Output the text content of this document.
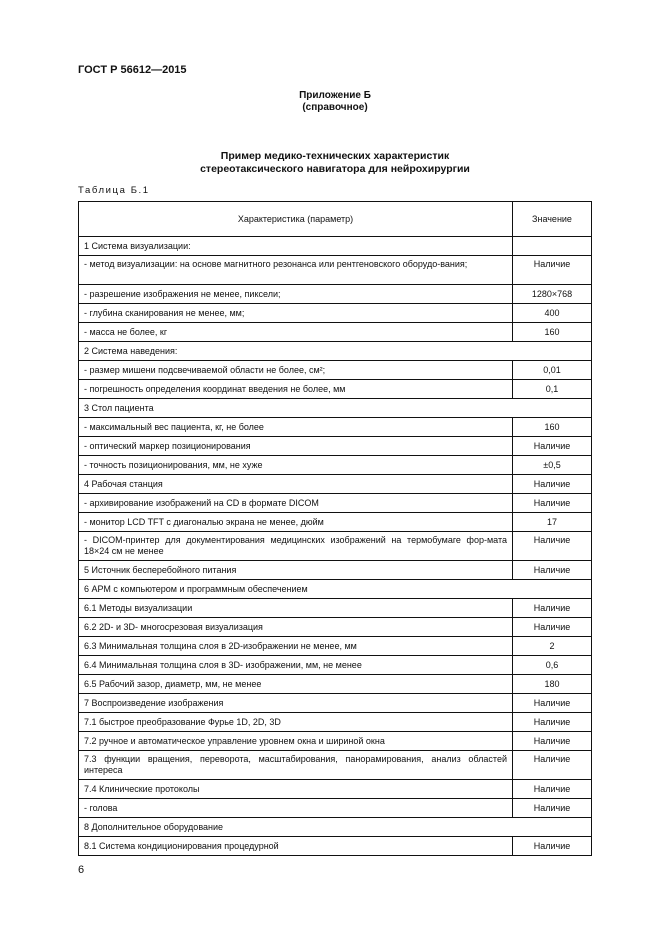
ГОСТ Р 56612—2015
Приложение Б
(справочное)
Пример медико-технических характеристик
стереотаксического навигатора для нейрохирургии
Таблица Б.1
Характеристика (параметр)	Значение
1 Система визуализации:	
- метод визуализации: на основе магнитного резонанса или рентгеновского оборудо-вания;	Наличие
- разрешение изображения не менее, пиксели;	1280×768
- глубина сканирования не менее, мм;	400
- масса не более, кг	160
2 Система наведения:	
- размер мишени подсвечиваемой области не более, см²;	0,01
- погрешность определения координат введения не более, мм	0,1
3 Стол пациента	
- максимальный вес пациента, кг, не более	160
- оптический маркер позиционирования	Наличие
- точность позиционирования, мм, не хуже	±0,5
4 Рабочая станция	Наличие
- архивирование изображений на CD в формате DICOM	Наличие
- монитор LCD TFT с диагональю экрана не менее, дюйм	17
- DICOM-принтер для документирования медицинских изображений на термобумаге фор-мата 18×24 см не менее	Наличие
5 Источник бесперебойного питания	Наличие
6 АРМ с компьютером и программным обеспечением	
6.1 Методы визуализации	Наличие
6.2 2D- и 3D- многосрезовая визуализация	Наличие
6.3 Минимальная толщина слоя в 2D-изображении не менее, мм	2
6.4 Минимальная толщина слоя в 3D- изображении, мм, не менее	0,6
6.5 Рабочий зазор, диаметр, мм, не менее	180
7 Воспроизведение изображения	Наличие
7.1 быстрое преобразование Фурье 1D, 2D, 3D	Наличие
7.2 ручное и автоматическое управление уровнем окна и шириной окна	Наличие
7.3 функции вращения, переворота, масштабирования, панорамирования, анализ областей интереса	Наличие
7.4 Клинические протоколы	Наличие
- голова	Наличие
8 Дополнительное оборудование	
8.1 Система кондиционирования процедурной	Наличие
6
